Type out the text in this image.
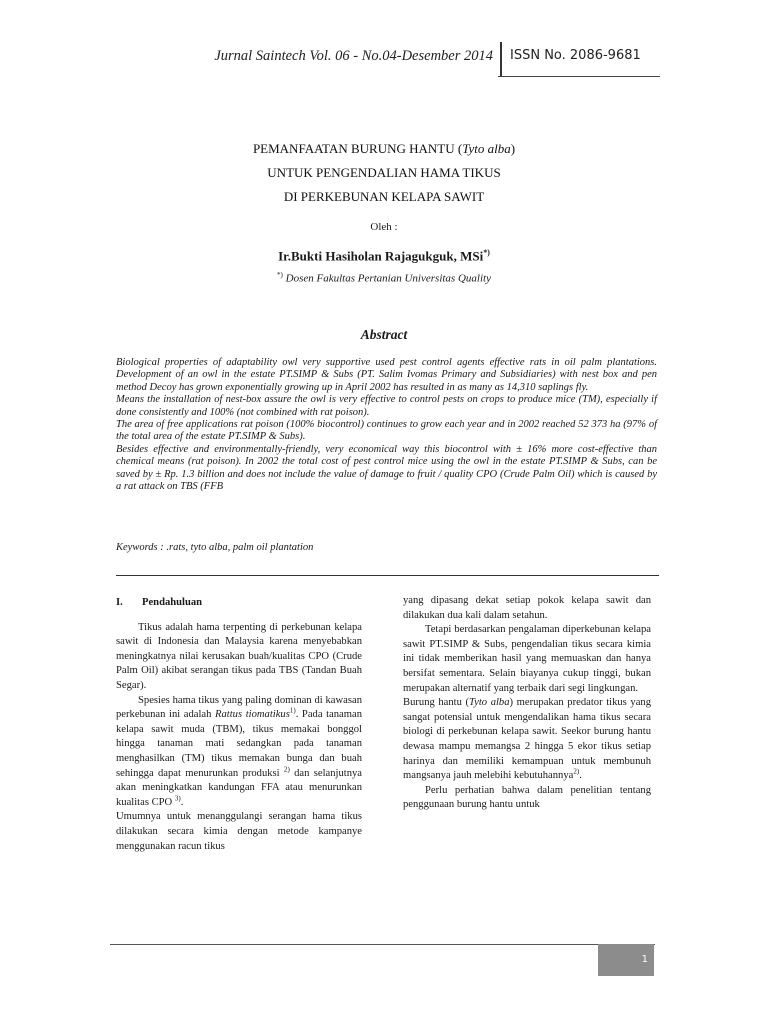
Jurnal Saintech Vol. 06 - No.04-Desember 2014 ISSN No. 2086-9681
PEMANFAATAN BURUNG HANTU (Tyto alba)
UNTUK PENGENDALIAN HAMA TIKUS
DI PERKEBUNAN KELAPA SAWIT
Oleh :
Ir.Bukti Hasiholan Rajagukguk, MSi*)
*) Dosen Fakultas Pertanian Universitas Quality
Abstract

Biological properties of adaptability owl very supportive used pest control agents effective rats in oil palm plantations. Development of an owl in the estate PT.SIMP & Subs (PT. Salim Ivomas Primary and Subsidiaries) with nest box and pen method Decoy has grown exponentially growing up in April 2002 has resulted in as many as 14,310 saplings fly.

Means the installation of nest-box assure the owl is very effective to control pests on crops to produce mice (TM), especially if done consistently and 100% (not combined with rat poison).

The area of free applications rat poison (100% biocontrol) continues to grow each year and in 2002 reached 52 373 ha (97% of the total area of the estate PT.SIMP & Subs).

Besides effective and environmentally-friendly, very economical way this biocontrol with ± 16% more cost-effective than chemical means (rat poison). In 2002 the total cost of pest control mice using the owl in the estate PT.SIMP & Subs, can be saved by ± Rp. 1.3 billion and does not include the value of damage to fruit / quality CPO (Crude Palm Oil) which is caused by a rat attack on TBS (FFB

Keywords : .rats, tyto alba, palm oil plantation

I. Pendahuluan

Tikus adalah hama terpenting di perkebunan kelapa sawit di Indonesia dan Malaysia karena menyebabkan meningkatnya nilai kerusakan buah/kualitas CPO (Crude Palm Oil) akibat serangan tikus pada TBS (Tandan Buah Segar).

Spesies hama tikus yang paling dominan di kawasan perkebunan ini adalah Rattus tiomatikus$^{1)}$. Pada tanaman kelapa sawit muda (TBM), tikus memakai bonggol hingga tanaman mati sedangkan pada tanaman menghasilkan (TM) tikus memakan bunga dan buah sehingga dapat menurunkan produksi $^{2)}$ dan selanjutnya akan meningkatkan kandungan FFA atau menurunkan kualitas CPO $^{3)}$.

Umumnya untuk menanggulangi serangan hama tikus dilakukan secara kimia dengan metode kampanye menggunakan racun tikus

yang dipasang dekat setiap pokok kelapa sawit dan dilakukan dua kali dalam setahun.

Tetapi berdasarkan pengalaman diperkebunan kelapa sawit PT.SIMP & Subs, pengendalian tikus secara kimia ini tidak memberikan hasil yang memuaskan dan hanya bersifat sementara. Selain biayanya cukup tinggi, bukan merupakan alternatif yang terbaik dari segi lingkungan.

Burung hantu (Tyto alba) merupakan predator tikus yang sangat potensial untuk mengendalikan hama tikus secara biologi di perkebunan kelapa sawit. Seekor burung hantu dewasa mampu memangsa 2 hingga 5 ekor tikus setiap harinya dan memiliki kemampuan untuk membunuh mangsanya jauh melebihi kebutuhannya$^{2)}$.

Perlu perhatian bahwa dalam penelitian tentang penggunaan burung hantu untuk

1
